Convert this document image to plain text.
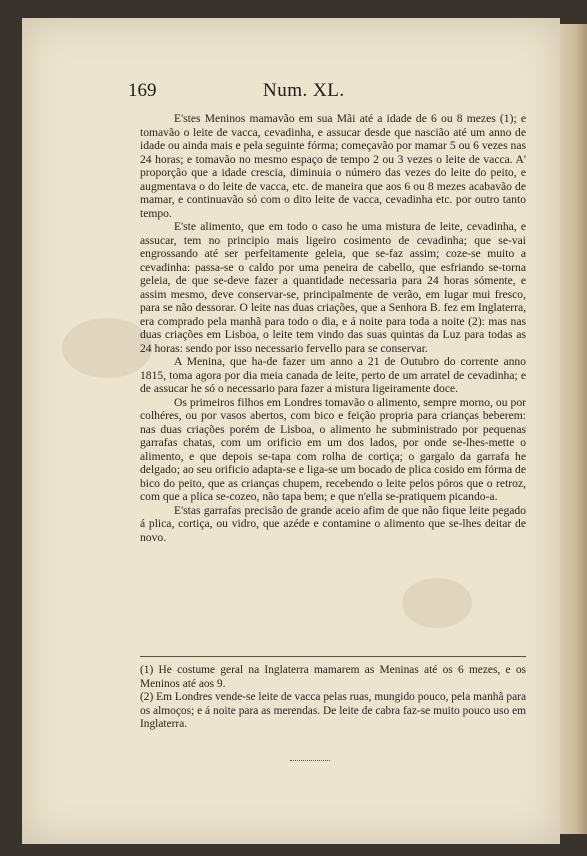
169	Num. XL.

E'stes Meninos mamavão em sua Mãi até a idade de 6 ou 8 mezes (1); e tomavão o leite de vacca, cevadinha, e assucar desde que nascião até um anno de idade ou ainda mais e pela seguinte fórma; começavão por mamar 5 ou 6 vezes nas 24 horas; e tomavão no mesmo espaço de tempo 2 ou 3 vezes o leite de vacca. A' proporção que a idade crescia, diminuia o número das vezes do leite do peito, e augmentava o do leite de vacca, etc. de maneira que aos 6 ou 8 mezes acabavão de mamar, e continuavão só com o dito leite de vacca, cevadinha etc. por outro tanto tempo.

E'ste alimento, que em todo o caso he uma mistura de leite, cevadinha, e assucar, tem no principio mais ligeiro cosimento de cevadinha; que se-vai engrossando até ser perfeitamente geleia, que se-faz assim; coze-se muito a cevadinha: passa-se o caldo por uma peneira de cabello, que esfriando se-torna geleia, de que se-deve fazer a quantidade necessaria para 24 horas sómente, e assim mesmo, deve conservar-se, principalmente de verão, em lugar mui fresco, para se não dessorar. O leite nas duas criações, que a Senhora B. fez em Inglaterra, era comprado pela manhã para todo o dia, e á noite para toda a noite (2): mas nas duas criações em Lisboa, o leite tem vindo das suas quintas da Luz para todas as 24 horas: sendo por isso necessario fervello para se conservar.

A Menina, que ha-de fazer um anno a 21 de Outubro do corrente anno 1815, toma agora por dia meia canada de leite, perto de um arratel de cevadinha; e de assucar he só o necessario para fazer a mistura ligeiramente doce.

Os primeiros filhos em Londres tomavão o alimento, sempre morno, ou por colhéres, ou por vasos abertos, com bico e feição propria para crianças beberem: nas duas criações porém de Lisboa, o alimento he subministrado por pequenas garrafas chatas, com um orificio em um dos lados, por onde se-lhes-mette o alimento, e que depois se-tapa com rolha de cortiça; o gargalo da garrafa he delgado; ao seu orificio adapta-se e liga-se um bocado de plica cosido em fórma de bico do peito, que as crianças chupem, recebendo o leite pelos póros que o retroz, com que a plica se-cozeo, não tapa bem; e que n'ella se-pratiquem picando-a.

E'stas garrafas precisão de grande aceio afim de que não fique leite pegado á plica, cortiça, ou vidro, que azéde e contamine o alimento que se-lhes deitar de novo.

(1) He costume geral na Inglaterra mamarem as Meninas até os 6 mezes, e os Meninos até aos 9.

(2) Em Londres vende-se leite de vacca pelas ruas, mungido pouco, pela manhã para os almoços; e á noite para as merendas. De leite de cabra faz-se muito pouco uso em Inglaterra.
